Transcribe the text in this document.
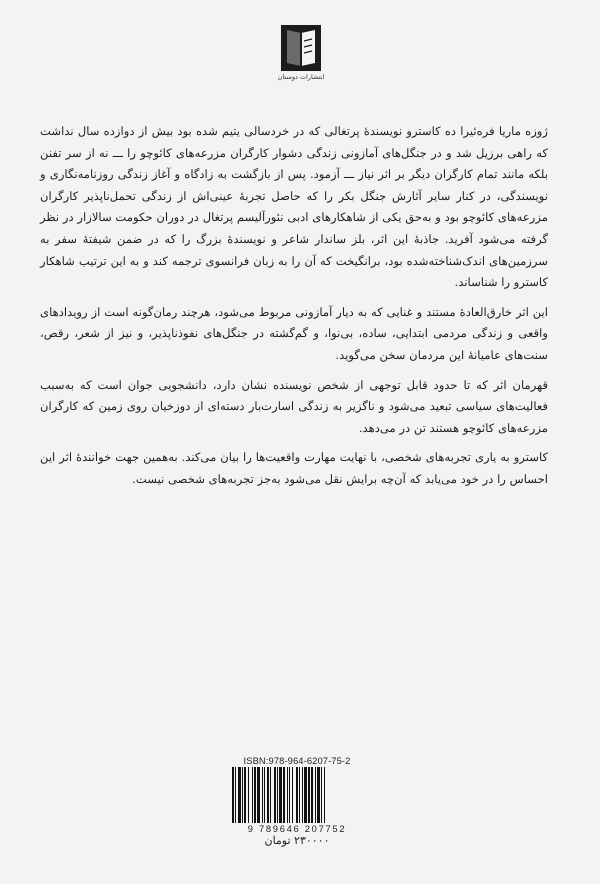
انتشارات دوستان

ژوزه ماریا فره‌ئیرا ده کاسترو نویسندهٔ پرتغالی که در خردسالی یتیم شده بود بیش از دوازده سال نداشت که راهی برزیل شد و در جنگل‌های آمازونی زندگی دشوار کارگران مزرعه‌های کائوچو را ـــ نه از سر تفنن بلکه مانند تمام کارگران دیگر بر اثر نیاز ـــ آزمود. پس از بازگشت به زادگاه و آغاز زندگی روزنامه‌نگاری و نویسندگی، در کنار سایر آثارش جنگل بکر را که حاصل تجربهٔ عینی‌اش از زندگی تحمل‌ناپذیر کارگران مزرعه‌های کائوچو بود و به‌حق یکی از شاهکارهای ادبی نئورآلیسم پرتغال در دوران حکومت سالازار در نظر گرفته می‌شود آفرید. جاذبهٔ این اثر، بلز ساندار شاعر و نویسندهٔ بزرگ را که در ضمن شیفتهٔ سفر به سرزمین‌های اندک‌شناخته‌شده بود، برانگیخت که آن را به زبان فرانسوی ترجمه کند و به این ترتیب شاهکار کاسترو را شناساند.

این اثر خارق‌العادهٔ مستند و غنایی که به دیار آمازونی مربوط می‌شود، هرچند رمان‌گونه است از رویدادهای واقعی و زندگی مردمی ابتدایی، ساده، بی‌نوا، و گم‌گشته در جنگل‌های نفوذناپذیر، و نیز از شعر، رقص، سنت‌های عامیانهٔ این مردمان سخن می‌گوید.

قهرمان اثر که تا حدود قابل توجهی از شخص نویسنده نشان دارد، دانشجویی جوان است که به‌سبب فعالیت‌های سیاسی تبعید می‌شود و ناگزیر به زندگی اسارت‌بار دسته‌ای از دوزخیان روی زمین که کارگران مزرعه‌های کائوچو هستند تن در می‌دهد.

کاسترو به یاری تجربه‌های شخصی، با نهایت مهارت واقعیت‌ها را بیان می‌کند. به‌همین جهت خوانندهٔ اثر این احساس را در خود می‌یابد که آن‌چه برایش نقل می‌شود به‌جز تجربه‌های شخصی نیست.

ISBN:978-964-6207-75-2
9 789646 207752
۲۳۰۰۰۰ تومان
